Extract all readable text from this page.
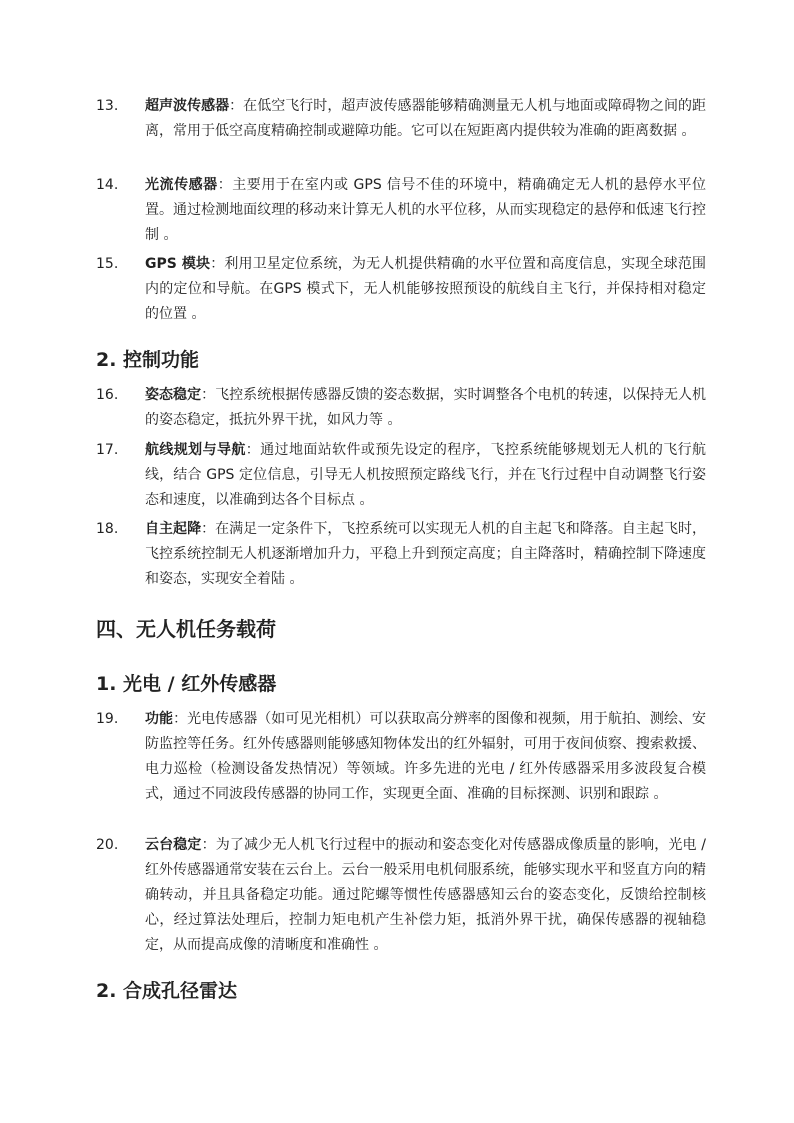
13. 超声波传感器：在低空飞行时，超声波传感器能够精确测量无人机与地面或障碍物之间的距离，常用于低空高度精确控制或避障功能。它可以在短距离内提供较为准确的距离数据 。
14. 光流传感器：主要用于在室内或 GPS 信号不佳的环境中，精确确定无人机的悬停水平位置。通过检测地面纹理的移动来计算无人机的水平位移，从而实现稳定的悬停和低速飞行控制 。
15. GPS 模块：利用卫星定位系统，为无人机提供精确的水平位置和高度信息，实现全球范围内的定位和导航。在GPS 模式下，无人机能够按照预设的航线自主飞行，并保持相对稳定的位置 。
2. 控制功能
16. 姿态稳定：飞控系统根据传感器反馈的姿态数据，实时调整各个电机的转速，以保持无人机的姿态稳定，抵抗外界干扰，如风力等 。
17. 航线规划与导航：通过地面站软件或预先设定的程序，飞控系统能够规划无人机的飞行航线，结合 GPS 定位信息，引导无人机按照预定路线飞行，并在飞行过程中自动调整飞行姿态和速度，以准确到达各个目标点 。
18. 自主起降：在满足一定条件下，飞控系统可以实现无人机的自主起飞和降落。自主起飞时，飞控系统控制无人机逐渐增加升力，平稳上升到预定高度；自主降落时，精确控制下降速度和姿态，实现安全着陆 。
四、无人机任务载荷
1. 光电 / 红外传感器
19. 功能：光电传感器（如可见光相机）可以获取高分辨率的图像和视频，用于航拍、测绘、安防监控等任务。红外传感器则能够感知物体发出的红外辐射，可用于夜间侦察、搜索救援、电力巡检（检测设备发热情况）等领域。许多先进的光电 / 红外传感器采用多波段复合模式，通过不同波段传感器的协同工作，实现更全面、准确的目标探测、识别和跟踪 。
20. 云台稳定：为了减少无人机飞行过程中的振动和姿态变化对传感器成像质量的影响，光电 / 红外传感器通常安装在云台上。云台一般采用电机伺服系统，能够实现水平和竖直方向的精确转动，并且具备稳定功能。通过陀螺等惯性传感器感知云台的姿态变化，反馈给控制核心，经过算法处理后，控制力矩电机产生补偿力矩，抵消外界干扰，确保传感器的视轴稳定，从而提高成像的清晰度和准确性 。
2. 合成孔径雷达
